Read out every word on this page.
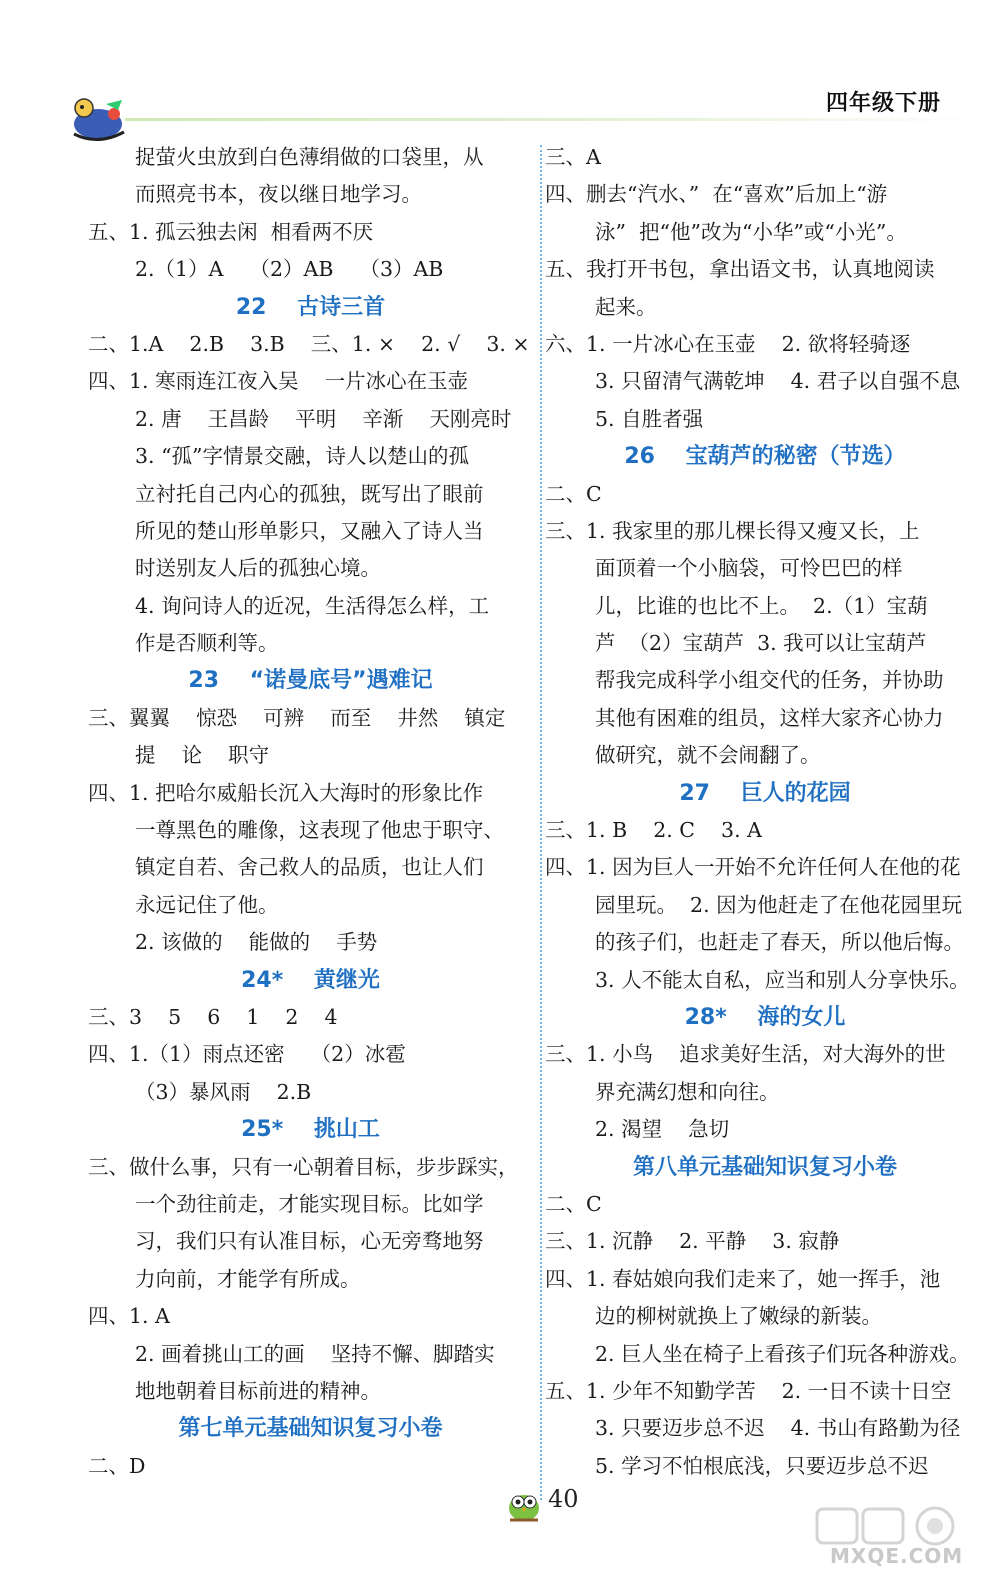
四年级下册
捉萤火虫放到白色薄绢做的口袋里，从
而照亮书本，夜以继日地学习。
五、1. 孤云独去闲  相看两不厌
2.（1）A    （2）AB    （3）AB
22    古诗三首
二、1.A    2.B    3.B    三、1. ×    2. √    3. ×
四、1. 寒雨连江夜入吴    一片冰心在玉壶
2. 唐    王昌龄    平明    辛渐    天刚亮时
3. “孤”字情景交融，诗人以楚山的孤
立衬托自己内心的孤独，既写出了眼前
所见的楚山形单影只，又融入了诗人当
时送别友人后的孤独心境。
4. 询问诗人的近况，生活得怎么样，工
作是否顺利等。
23    “诺曼底号”遇难记
三、翼翼    惊恐    可辨    而至    井然    镇定
提    论    职守
四、1. 把哈尔威船长沉入大海时的形象比作
一尊黑色的雕像，这表现了他忠于职守、
镇定自若、舍己救人的品质，也让人们
永远记住了他。
2. 该做的    能做的    手势
24*    黄继光
三、3    5    6    1    2    4
四、1.（1）雨点还密    （2）冰雹
（3）暴风雨    2.B
25*    挑山工
三、做什么事，只有一心朝着目标，步步踩实，
一个劲往前走，才能实现目标。比如学
习，我们只有认准目标，心无旁骛地努
力向前，才能学有所成。
四、1. A
2. 画着挑山工的画    坚持不懈、脚踏实
地地朝着目标前进的精神。
第七单元基础知识复习小卷
二、D
三、A
四、删去“汽水、”  在“喜欢”后加上“游
泳”  把“他”改为“小华”或“小光”。
五、我打开书包，拿出语文书，认真地阅读
起来。
六、1. 一片冰心在玉壶    2. 欲将轻骑逐
3. 只留清气满乾坤    4. 君子以自强不息
5. 自胜者强
26    宝葫芦的秘密（节选）
二、C
三、1. 我家里的那儿棵长得又瘦又长，上
面顶着一个小脑袋，可怜巴巴的样
儿，比谁的也比不上。  2.（1）宝葫
芦  （2）宝葫芦  3. 我可以让宝葫芦
帮我完成科学小组交代的任务，并协助
其他有困难的组员，这样大家齐心协力
做研究，就不会闹翻了。
27    巨人的花园
三、1. B    2. C    3. A
四、1. 因为巨人一开始不允许任何人在他的花
园里玩。  2. 因为他赶走了在他花园里玩
的孩子们，也赶走了春天，所以他后悔。
3. 人不能太自私，应当和别人分享快乐。
28*    海的女儿
三、1. 小鸟    追求美好生活，对大海外的世
界充满幻想和向往。
2. 渴望    急切
第八单元基础知识复习小卷
二、C
三、1. 沉静    2. 平静    3. 寂静
四、1. 春姑娘向我们走来了，她一挥手，池
边的柳树就换上了嫩绿的新装。
2. 巨人坐在椅子上看孩子们玩各种游戏。
五、1. 少年不知勤学苦    2. 一日不读十日空
3. 只要迈步总不迟    4. 书山有路勤为径
5. 学习不怕根底浅，只要迈步总不迟
40
MXQE.COM
